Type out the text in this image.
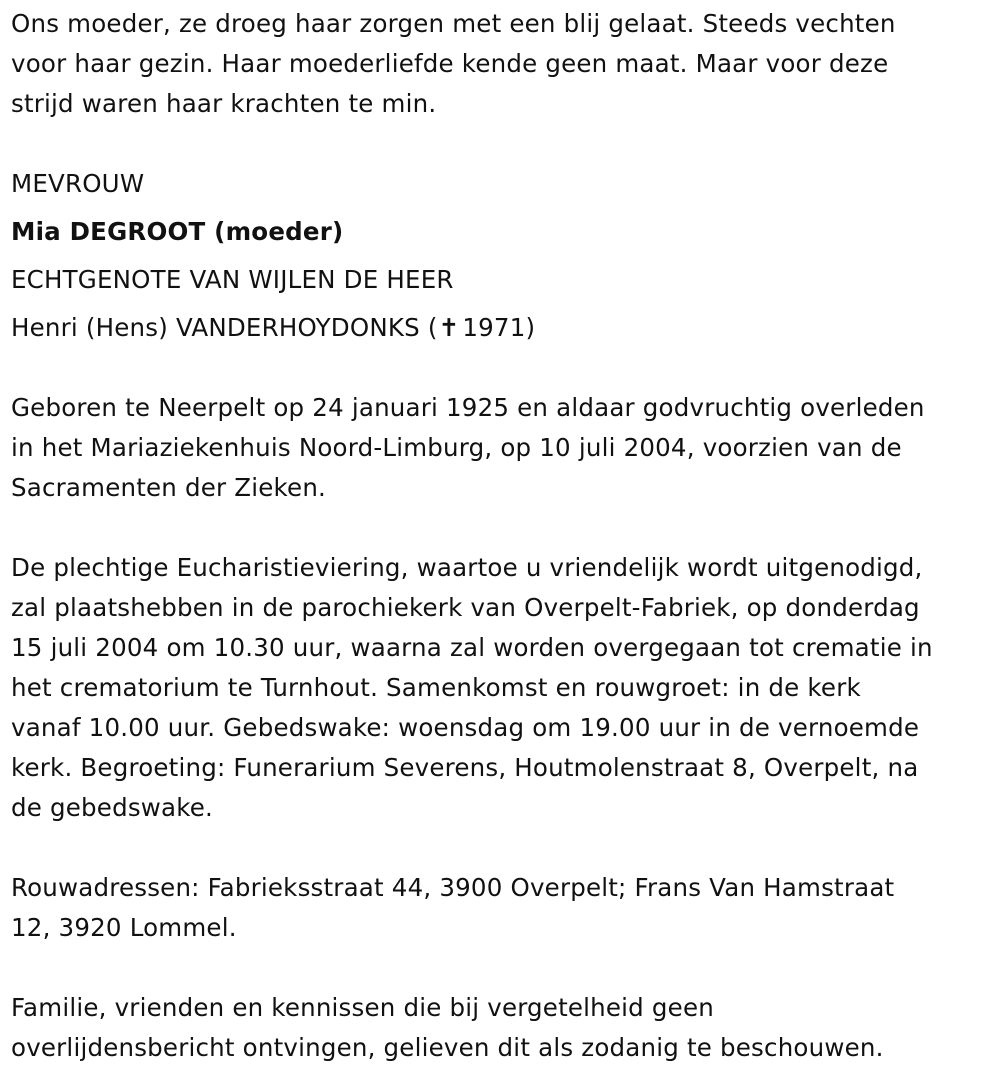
Ons moeder, ze droeg haar zorgen met een blij gelaat. Steeds vechten
voor haar gezin. Haar moederliefde kende geen maat. Maar voor deze
strijd waren haar krachten te min.

MEVROUW
Mia DEGROOT (moeder)
ECHTGENOTE VAN WIJLEN DE HEER
Henri (Hens) VANDERHOYDONKS (✝ 1971)

Geboren te Neerpelt op 24 januari 1925 en aldaar godvruchtig overleden
in het Mariaziekenhuis Noord-Limburg, op 10 juli 2004, voorzien van de
Sacramenten der Zieken.

De plechtige Eucharistieviering, waartoe u vriendelijk wordt uitgenodigd,
zal plaatshebben in de parochiekerk van Overpelt-Fabriek, op donderdag
15 juli 2004 om 10.30 uur, waarna zal worden overgegaan tot crematie in
het crematorium te Turnhout. Samenkomst en rouwgroet: in de kerk
vanaf 10.00 uur. Gebedswake: woensdag om 19.00 uur in de vernoemde
kerk. Begroeting: Funerarium Severens, Houtmolenstraat 8, Overpelt, na
de gebedswake.

Rouwadressen: Fabrieksstraat 44, 3900 Overpelt; Frans Van Hamstraat
12, 3920 Lommel.

Familie, vrienden en kennissen die bij vergetelheid geen
overlijdensbericht ontvingen, gelieven dit als zodanig te beschouwen.
